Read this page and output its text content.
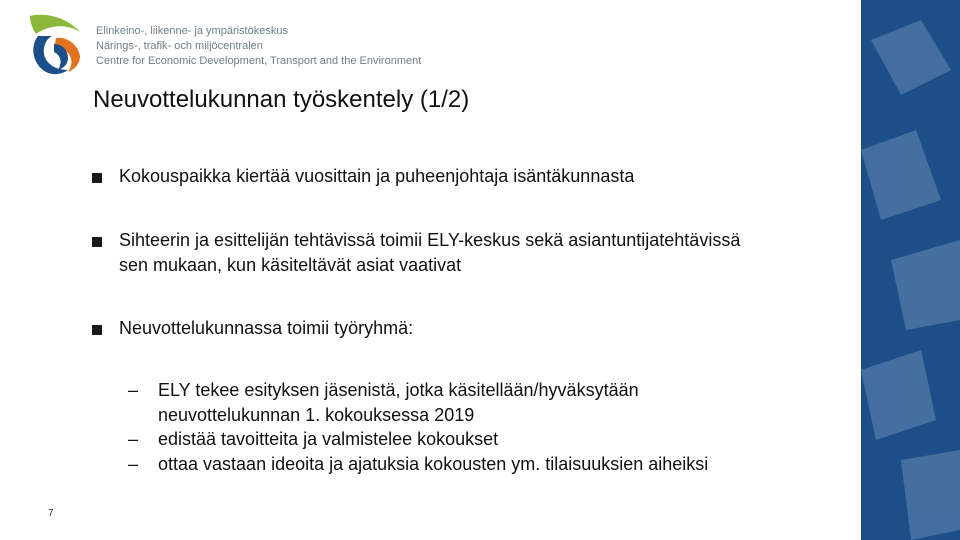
Elinkeino-, liikenne- ja ympäristökeskus
Närings-, trafik- och miljöcentralen
Centre for Economic Development, Transport and the Environment
Neuvottelukunnan työskentely (1/2)
Kokouspaikka kiertää vuosittain ja puheenjohtaja isäntäkunnasta
Sihteerin ja esittelijän tehtävissä toimii ELY-keskus sekä asiantuntijatehtävissä sen mukaan, kun käsiteltävät asiat vaativat
Neuvottelukunnassa toimii työryhmä:
– ELY tekee esityksen jäsenistä, jotka käsitellään/hyväksytään neuvottelukunnan 1. kokouksessa 2019
– edistää tavoitteita ja valmistelee kokoukset
– ottaa vastaan ideoita ja ajatuksia kokousten ym. tilaisuuksien aiheiksi
7
